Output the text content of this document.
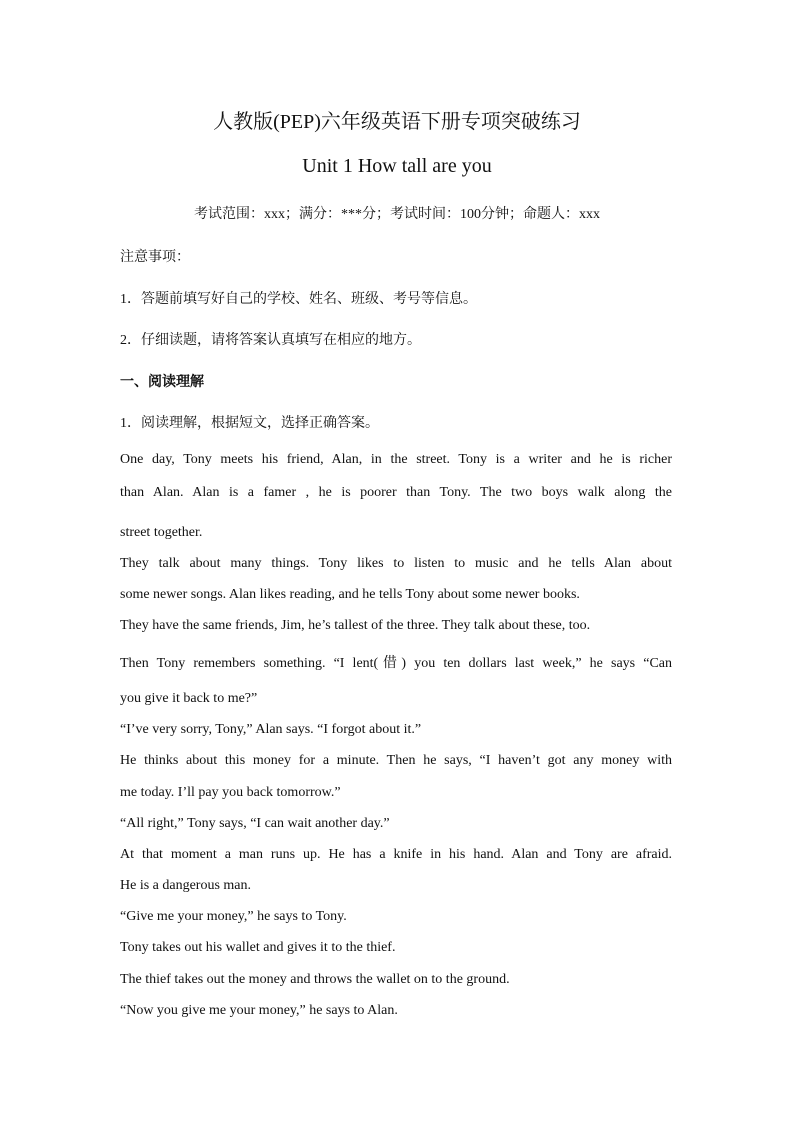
人教版(PEP)六年级英语下册专项突破练习
Unit 1 How tall are you
考试范围：xxx；满分：***分；考试时间：100分钟；命题人：xxx
注意事项：
1．答题前填写好自己的学校、姓名、班级、考号等信息。
2．仔细读题，请将答案认真填写在相应的地方。
一、阅读理解
1．阅读理解，根据短文，选择正确答案。
One day, Tony meets his friend, Alan, in the street. Tony is a writer and he is richer
than Alan. Alan is a famer , he is poorer than Tony. The two boys walk along the
street together.
They talk about many things. Tony likes to listen to music and he tells Alan about
some newer songs. Alan likes reading, and he tells Tony about some newer books.
They have the same friends, Jim, he’s tallest of the three. They talk about these, too.
Then Tony remembers something. “I lent(借) you ten dollars last week,” he says “Can
you give it back to me?”
“I’ve very sorry, Tony,” Alan says. “I forgot about it.”
He thinks about this money for a minute. Then he says, “I haven’t got any money with
me today. I’ll pay you back tomorrow.”
“All right,” Tony says, “I can wait another day.”
At that moment a man runs up. He has a knife in his hand. Alan and Tony are afraid.
He is a dangerous man.
“Give me your money,” he says to Tony.
Tony takes out his wallet and gives it to the thief.
The thief takes out the money and throws the wallet on to the ground.
“Now you give me your money,” he says to Alan.
